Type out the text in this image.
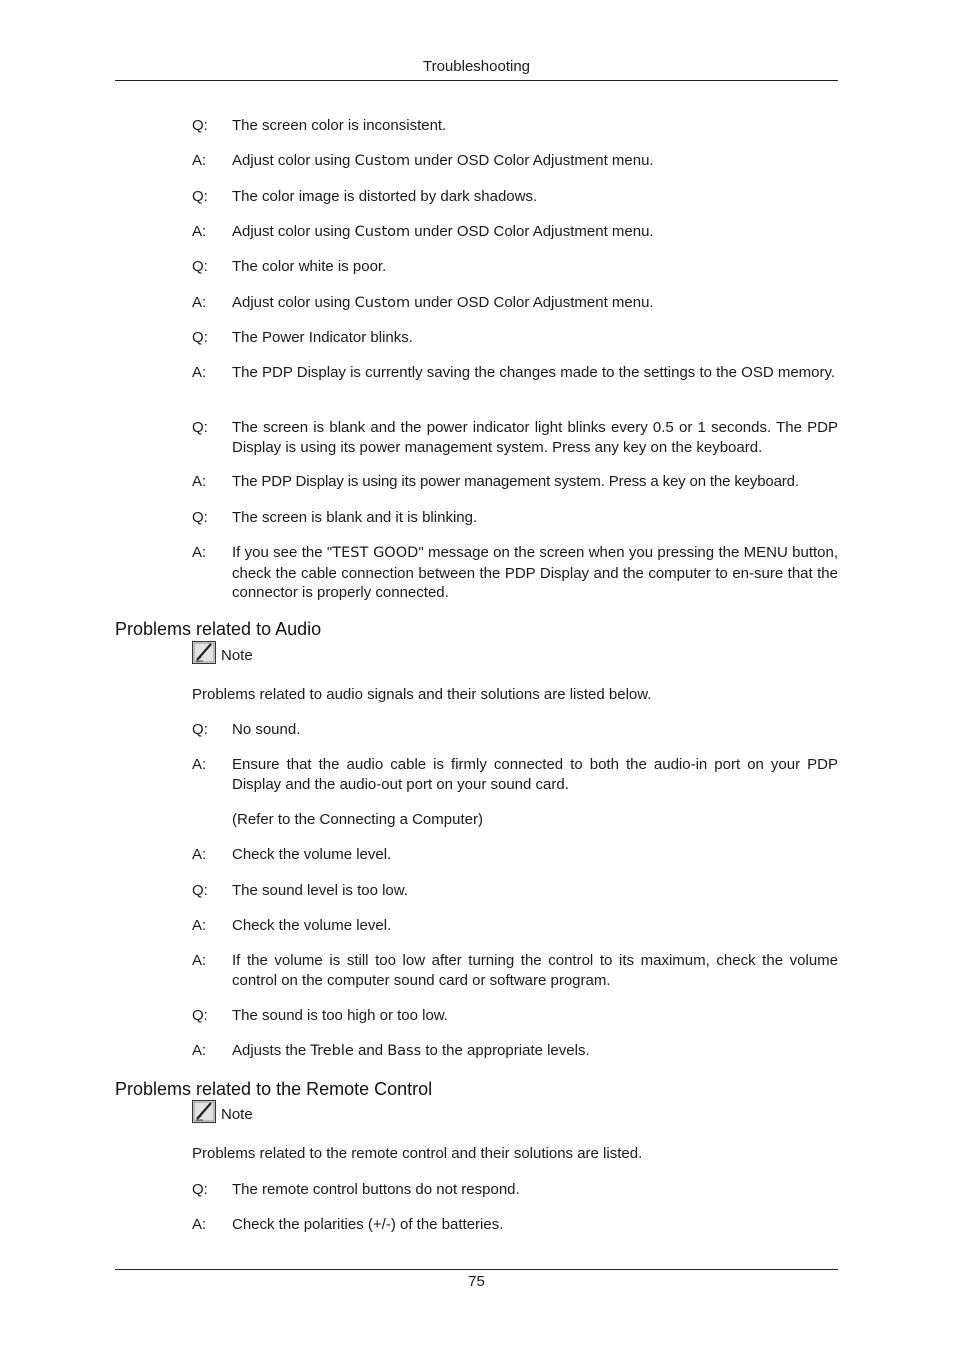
Troubleshooting
Q:	The screen color is inconsistent.
A:	Adjust color using Custom under OSD Color Adjustment menu.
Q:	The color image is distorted by dark shadows.
A:	Adjust color using Custom under OSD Color Adjustment menu.
Q:	The color white is poor.
A:	Adjust color using Custom under OSD Color Adjustment menu.
Q:	The Power Indicator blinks.
A:	The PDP Display is currently saving the changes made to the settings to the OSD memory.
Q:	The screen is blank and the power indicator light blinks every 0.5 or 1 seconds. The PDP Display is using its power management system. Press any key on the keyboard.
A:	The PDP Display is using its power management system. Press a key on the keyboard.
Q:	The screen is blank and it is blinking.
A:	If you see the "TEST GOOD" message on the screen when you pressing the MENU button, check the cable connection between the PDP Display and the computer to en-sure that the connector is properly connected.
Problems related to Audio
Note
Problems related to audio signals and their solutions are listed below.
Q:	No sound.
A:	Ensure that the audio cable is firmly connected to both the audio-in port on your PDP Display and the audio-out port on your sound card.
(Refer to the Connecting a Computer)
A:	Check the volume level.
Q:	The sound level is too low.
A:	Check the volume level.
A:	If the volume is still too low after turning the control to its maximum, check the volume control on the computer sound card or software program.
Q:	The sound is too high or too low.
A:	Adjusts the Treble and Bass to the appropriate levels.
Problems related to the Remote Control
Note
Problems related to the remote control and their solutions are listed.
Q:	The remote control buttons do not respond.
A:	Check the polarities (+/-) of the batteries.
75
